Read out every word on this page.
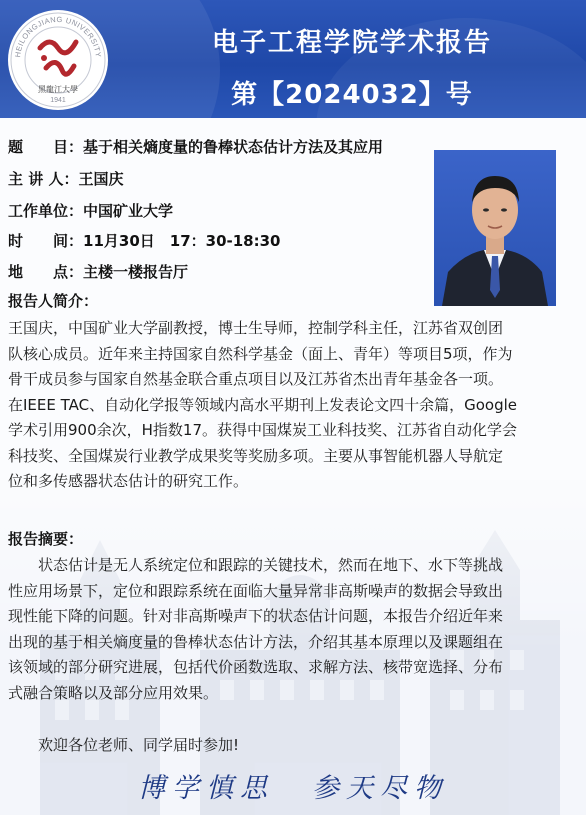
HEILONGJIANG UNIVERSITY
1941
黑龍江大學
电子工程学院学术报告
第【2024032】号
题　　目：基于相关熵度量的鲁棒状态估计方法及其应用
主 讲 人：王国庆
工作单位：中国矿业大学
时　　间：11月30日　17：30-18:30
地　　点：主楼一楼报告厅
报告人简介：
王国庆，中国矿业大学副教授，博士生导师，控制学科主任，江苏省双创团
队核心成员。近年来主持国家自然科学基金（面上、青年）等项目5项，作为
骨干成员参与国家自然基金联合重点项目以及江苏省杰出青年基金各一项。
在IEEE TAC、自动化学报等领域内高水平期刊上发表论文四十余篇，Google
学术引用900余次，H指数17。获得中国煤炭工业科技奖、江苏省自动化学会
科技奖、全国煤炭行业教学成果奖等奖励多项。主要从事智能机器人导航定
位和多传感器状态估计的研究工作。
报告摘要：
状态估计是无人系统定位和跟踪的关键技术，然而在地下、水下等挑战
性应用场景下，定位和跟踪系统在面临大量异常非高斯噪声的数据会导致出
现性能下降的问题。针对非高斯噪声下的状态估计问题，本报告介绍近年来
出现的基于相关熵度量的鲁棒状态估计方法，介绍其基本原理以及课题组在
该领域的部分研究进展，包括代价函数选取、求解方法、核带宽选择、分布
式融合策略以及部分应用效果。
欢迎各位老师、同学届时参加!
博学慎思 参天尽物
